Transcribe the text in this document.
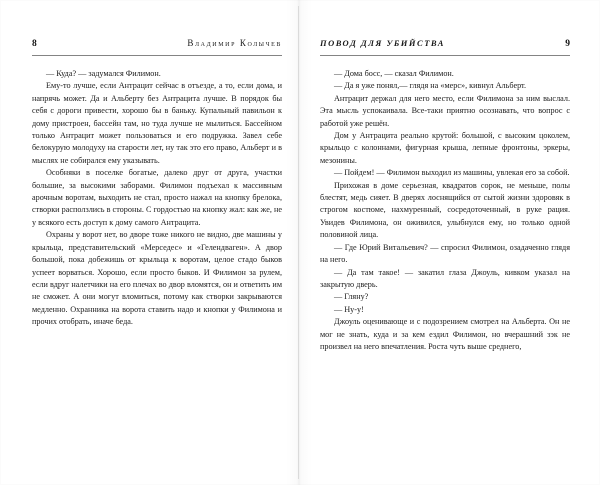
8	Владимир Колычев

— Куда? — задумался Филимон.

Ему-то лучше, если Антрацит сейчас в отъезде, а то, если дома, и напрячь может. Да и Альберту без Антрацита лучше. В порядок бы себя с дороги привести, хорошо бы в баньку. Купальный павильон к дому пристроен, бассейн там, но туда лучше не мылиться. Бассейном только Антрацит может пользоваться и его подружка. Завел себе белокурую молодуху на старости лет, ну так это его право, Альберт и в мыслях не собирался ему указывать.

Особняки в поселке богатые, далеко друг от друга, участки большие, за высокими заборами. Филимон подъехал к массивным арочным воротам, выходить не стал, просто нажал на кнопку брелока, створки расползлись в стороны. С гордостью на кнопку жал: как же, не у всякого есть доступ к дому самого Антрацита.

Охраны у ворот нет, во дворе тоже никого не видно, две машины у крыльца, представительский «Мерседес» и «Гелендваген». А двор большой, пока добежишь от крыльца к воротам, целое стадо быков успеет ворваться. Хорошо, если просто быков. И Филимон за рулем, если вдруг налетчики на его плечах во двор вломятся, он и ответить им не сможет. А они могут вломиться, потому как створки закрываются медленно. Охранника на ворота ставить надо и кнопки у Филимона и прочих отобрать, иначе беда.

ПОВОД ДЛЯ УБИЙСТВА	9

— Дома босс, — сказал Филимон.

— Да я уже понял,— глядя на «мерс», кивнул Альберт.

Антрацит держал для него место, если Филимона за ним выслал. Эта мысль успокаивала. Все-таки приятно осознавать, что вопрос с работой уже решён.

Дом у Антрацита реально крутой: большой, с высоким цоколем, крыльцо с колоннами, фигурная крыша, лепные фронтоны, эркеры, мезонины.

— Пойдем! — Филимон выходил из машины, увлекая его за собой.

Прихожая в доме серьезная, квадратов сорок, не меньше, полы блестят, медь сияет. В дверях лоснящийся от сытой жизни здоровяк в строгом костюме, нахмуренный, сосредоточенный, в руке рация. Увидев Филимона, он оживился, улыбнулся ему, но только одной половиной лица.

— Где Юрий Витальевич? — спросил Филимон, озадаченно глядя на него.

— Да там такое! — закатил глаза Джоуль, кивком указал на закрытую дверь.

— Гляну?

— Ну-у!

Джоуль оценивающе и с подозрением смотрел на Альберта. Он не мог не знать, куда и за кем ездил Филимон, но вчерашний зэк не произвел на него впечатления. Роста чуть выше среднего,
